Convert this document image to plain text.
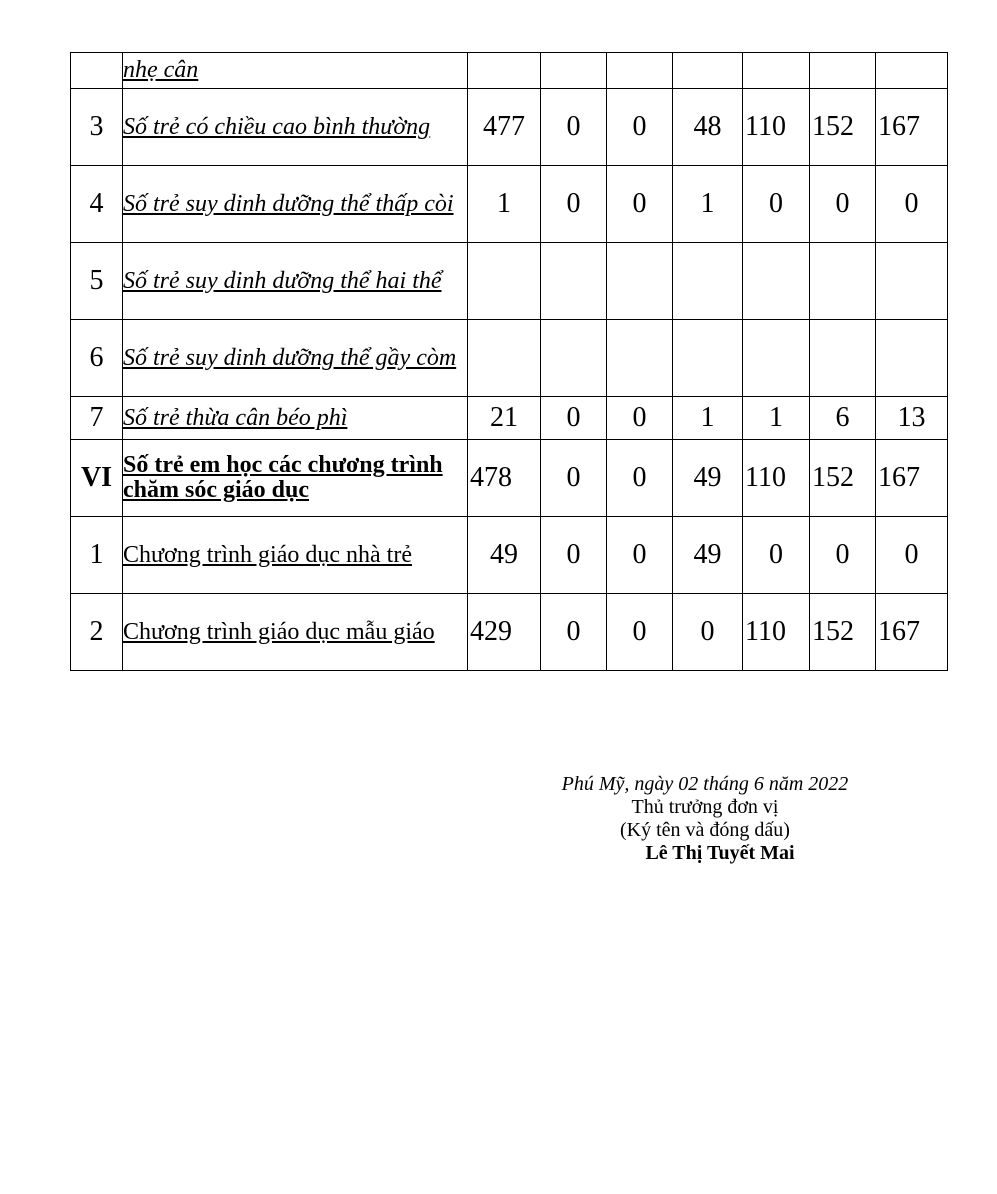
	nhẹ cân							

3	Số trẻ có chiều cao bình thường	477	0	0	48	110	152	167
4	Số trẻ suy dinh dưỡng thể thấp còi	1	0	0	1	0	0	0
5	Số trẻ suy dinh dưỡng thể hai thể							

6	Số trẻ suy dinh dưỡng thể gầy còm							

7	Số trẻ thừa cân béo phì	21	0	0	1	1	6	13
VI	Số trẻ em học các chương trình chăm sóc giáo dục	478	0	0	49	110	152	167
1	Chương trình giáo dục nhà trẻ	49	0	0	49	0	0	0
2	Chương trình giáo dục mẫu giáo	429	0	0	0	110	152	167
Phú Mỹ, ngày 02 tháng 6 năm 2022
Thủ trưởng đơn vị
(Ký tên và đóng dấu)
Lê Thị Tuyết Mai
